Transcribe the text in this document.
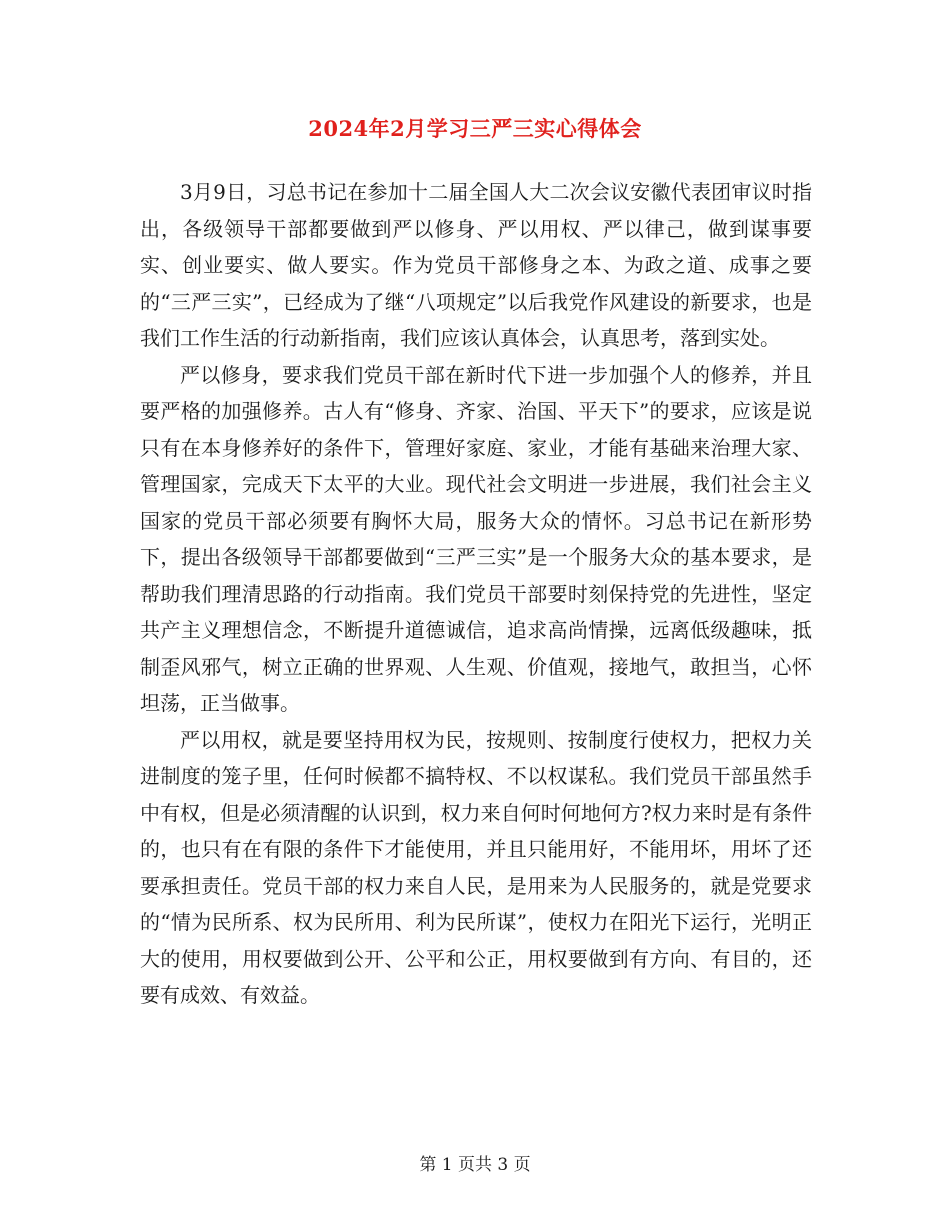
2024年2月学习三严三实心得体会

3月9日，习总书记在参加十二届全国人大二次会议安徽代表团审议时指出，各级领导干部都要做到严以修身、严以用权、严以律己，做到谋事要实、创业要实、做人要实。作为党员干部修身之本、为政之道、成事之要的“三严三实”，已经成为了继“八项规定”以后我党作风建设的新要求，也是我们工作生活的行动新指南，我们应该认真体会，认真思考，落到实处。

严以修身，要求我们党员干部在新时代下进一步加强个人的修养，并且要严格的加强修养。古人有“修身、齐家、治国、平天下”的要求，应该是说只有在本身修养好的条件下，管理好家庭、家业，才能有基础来治理大家、管理国家，完成天下太平的大业。现代社会文明进一步进展，我们社会主义国家的党员干部必须要有胸怀大局，服务大众的情怀。习总书记在新形势下，提出各级领导干部都要做到“三严三实”是一个服务大众的基本要求，是帮助我们理清思路的行动指南。我们党员干部要时刻保持党的先进性，坚定共产主义理想信念，不断提升道德诚信，追求高尚情操，远离低级趣味，抵制歪风邪气，树立正确的世界观、人生观、价值观，接地气，敢担当，心怀坦荡，正当做事。

严以用权，就是要坚持用权为民，按规则、按制度行使权力，把权力关进制度的笼子里，任何时候都不搞特权、不以权谋私。我们党员干部虽然手中有权，但是必须清醒的认识到，权力来自何时何地何方?权力来时是有条件的，也只有在有限的条件下才能使用，并且只能用好，不能用坏，用坏了还要承担责任。党员干部的权力来自人民，是用来为人民服务的，就是党要求的“情为民所系、权为民所用、利为民所谋”，使权力在阳光下运行，光明正大的使用，用权要做到公开、公平和公正，用权要做到有方向、有目的，还要有成效、有效益。

第 1 页共 3 页
